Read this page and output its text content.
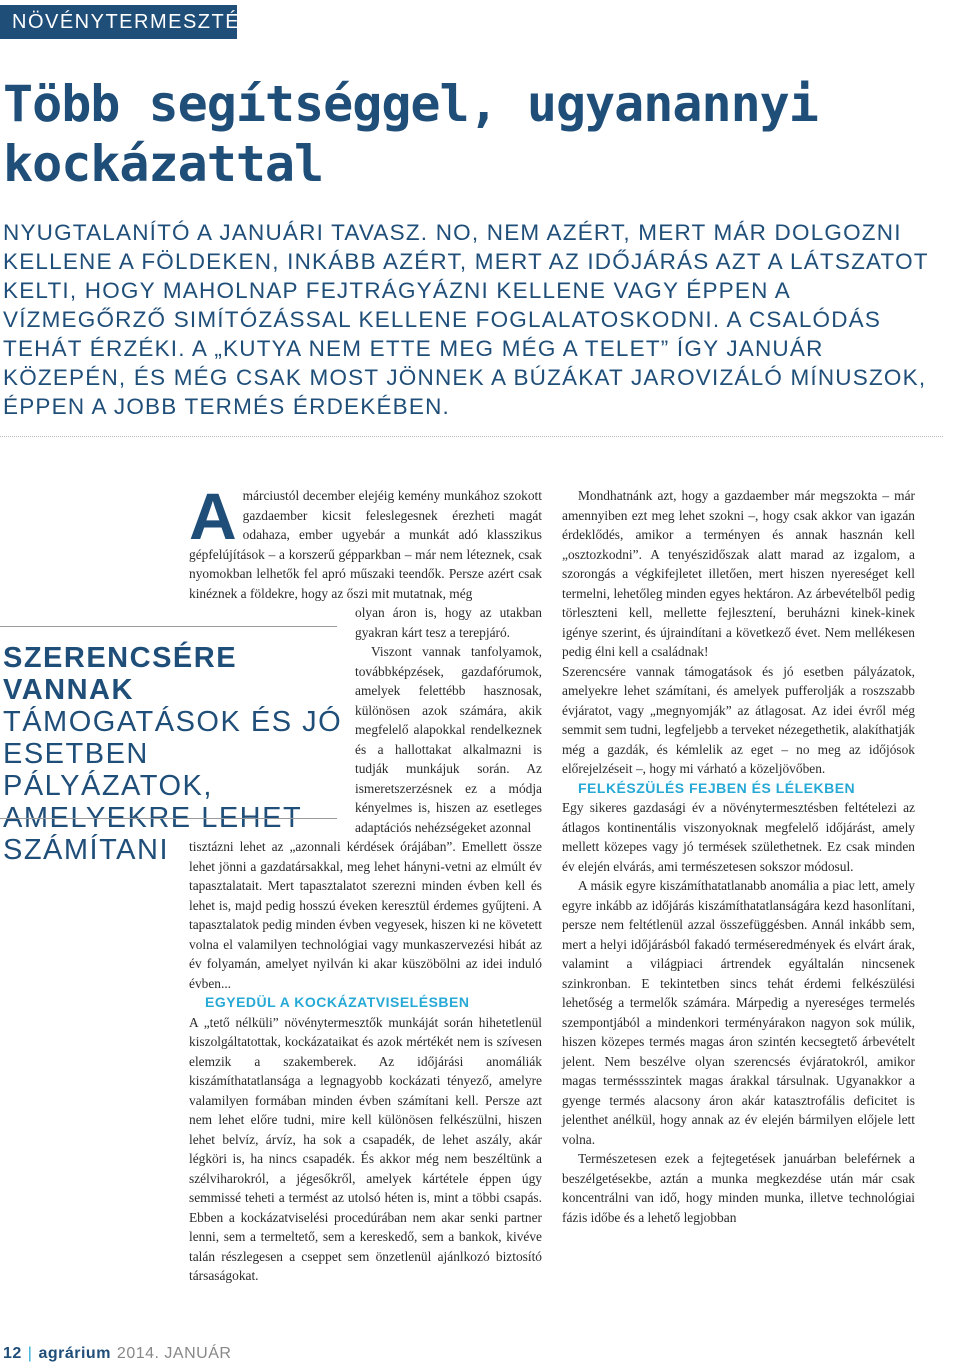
NÖVÉNYTERMESZTÉS
Több segítséggel, ugyanannyi kockázattal

NYUGTALANÍTÓ A JANUÁRI TAVASZ. NO, NEM AZÉRT, MERT MÁR DOLGOZNI KELLENE A FÖLDEKEN, INKÁBB AZÉRT, MERT AZ IDŐJÁRÁS AZT A LÁTSZATOT KELTI, HOGY MAHOLNAP FEJTRÁGYÁZNI KELLENE VAGY ÉPPEN A VÍZMEGŐRZŐ SIMÍTÓZÁSSAL KELLENE FOGLALATOSKODNI. A CSALÓDÁS TEHÁT ÉRZÉKI. A „KUTYA NEM ETTE MEG MÉG A TELET” ÍGY JANUÁR KÖZEPÉN, ÉS MÉG CSAK MOST JÖNNEK A BÚZÁKAT JAROVIZÁLÓ MÍNUSZOK, ÉPPEN A JOBB TERMÉS ÉRDEKÉBEN.

SZERENCSÉRE VANNAK TÁMOGATÁSOK ÉS JÓ ESETBEN PÁLYÁZATOK, AMELYEKRE LEHET SZÁMÍTANI

A márciustól december elejéig kemény munkához szokott gazdaember kicsit feleslegesnek érezheti magát odahaza, ember ugyebár a munkát adó klasszikus gépfelújítások – a korszerű gépparkban – már nem léteznek, csak nyomokban lelhetők fel apró műszaki teendők. Persze azért csak kinéznek a földekre, hogy az őszi mit mutatnak, még

olyan áron is, hogy az utakban gyakran kárt tesz a terepjáró.

Viszont vannak tanfolyamok, továbbképzések, gazdafórumok, amelyek felettébb hasznosak, különösen azok számára, akik megfelelő alapokkal rendelkeznek és a hallottakat alkalmazni is tudják munkájuk során. Az ismeretszerzésnek ez a módja kényelmes is, hiszen az esetleges adaptációs nehézségeket azonnal

tisztázni lehet az „azonnali kérdések órájában”. Emellett össze lehet jönni a gazdatársakkal, meg lehet hányni-vetni az elmúlt év tapasztalatait. Mert tapasztalatot szerezni minden évben kell és lehet is, majd pedig hosszú éveken keresztül érdemes gyűjteni. A tapasztalatok pedig minden évben vegyesek, hiszen ki ne követett volna el valamilyen technológiai vagy munkaszervezési hibát az év folyamán, amelyet nyilván ki akar küszöbölni az idei induló évben...

EGYEDÜL A KOCKÁZATVISELÉSBEN

A „tető nélküli” növénytermesztők munkáját során hihetetlenül kiszolgáltatottak, kockázataikat és azok mértékét nem is szívesen elemzik a szakemberek. Az időjárási anomáliák kiszámíthatatlansága a legnagyobb kockázati tényező, amelyre valamilyen formában minden évben számítani kell. Persze azt nem lehet előre tudni, mire kell különösen felkészülni, hiszen lehet belvíz, árvíz, ha sok a csapadék, de lehet aszály, akár légköri is, ha nincs csapadék. És akkor még nem beszéltünk a szélviharokról, a jégesőkről, amelyek kártétele éppen úgy semmissé teheti a termést az utolsó héten is, mint a többi csapás. Ebben a kockázatviselési procedúrában nem akar senki partner lenni, sem a termeltető, sem a kereskedő, sem a bankok, kivéve talán részlegesen a cseppet sem önzetlenül ajánlkozó biztosító társaságokat.

Mondhatnánk azt, hogy a gazdaember már megszokta – már amennyiben ezt meg lehet szokni –, hogy csak akkor van igazán érdeklődés, amikor a terményen és annak hasznán kell „osztozkodni”. A tenyészidőszak alatt marad az izgalom, a szorongás a végkifejletet illetően, mert hiszen nyereséget kell termelni, lehetőleg minden egyes hektáron. Az árbevételből pedig törleszteni kell, mellette fejlesztení, beruházni kinek-kinek igénye szerint, és újraindítani a következő évet. Nem mellékesen pedig élni kell a családnak!

Szerencsére vannak támogatások és jó esetben pályázatok, amelyekre lehet számítani, és amelyek pufferolják a roszszabb évjáratot, vagy „megnyomják” az átlagosat. Az idei évről még semmit sem tudni, legfeljebb a terveket nézegethetik, alakíthatják még a gazdák, és kémlelik az eget – no meg az időjósok előrejelzéseit –, hogy mi várható a közeljövőben.

FELKÉSZÜLÉS FEJBEN ÉS LÉLEKBEN

Egy sikeres gazdasági év a növénytermesztésben feltételezi az átlagos kontinentális viszonyoknak megfelelő időjárást, amely mellett közepes vagy jó termések születhetnek. Ez csak minden év elején elvárás, ami természetesen sokszor módosul.

A másik egyre kiszámíthatatlanabb anomália a piac lett, amely egyre inkább az időjárás kiszámíthatatlanságára kezd hasonlítani, persze nem feltétlenül azzal összefüggésben. Annál inkább sem, mert a helyi időjárásból fakadó terméseredmények és elvárt árak, valamint a világpiaci ártrendek egyáltalán nincsenek szinkronban. E tekintetben sincs tehát érdemi felkészülési lehetőség a termelők számára. Márpedig a nyereséges termelés szempontjából a mindenkori terményárakon nagyon sok múlik, hiszen közepes termés magas áron szintén kecsegtető árbevételt jelent. Nem beszélve olyan szerencsés évjáratokról, amikor magas terméssszintek magas árakkal társulnak. Ugyanakkor a gyenge termés alacsony áron akár katasztrofális deficitet is jelenthet anélkül, hogy annak az év elején bármilyen előjele lett volna.

Természetesen ezek a fejtegetések januárban beleférnek a beszélgetésekbe, aztán a munka megkezdése után már csak koncentrálni van idő, hogy minden munka, illetve technológiai fázis időbe és a lehető legjobban

12 | agrárium 2014. JANUÁR
